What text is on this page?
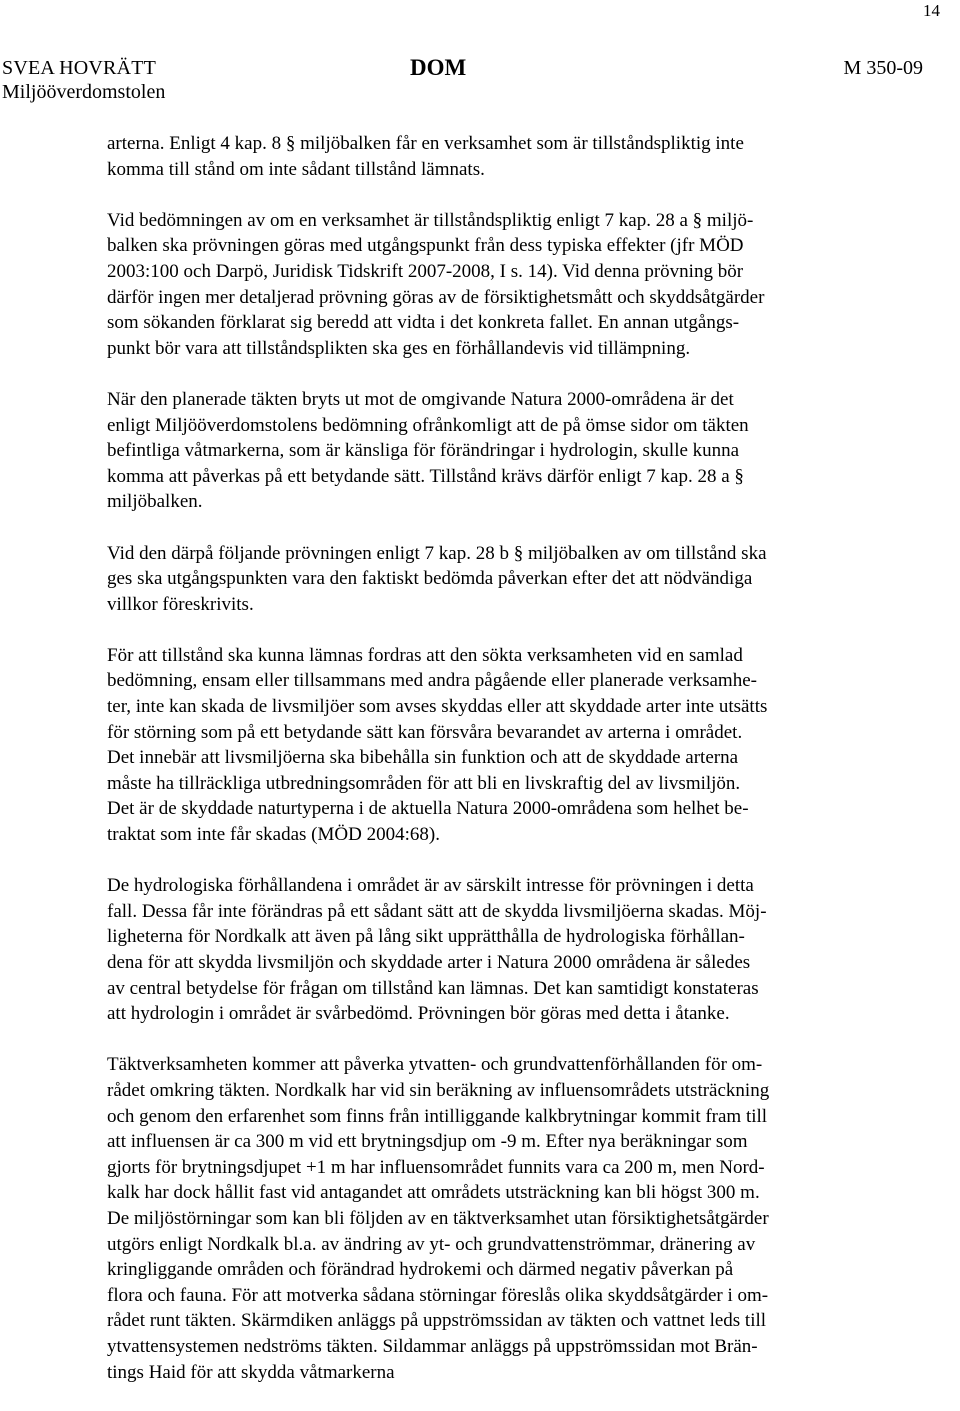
14
SVEA HOVRÄTT
Miljööverdomstolen
DOM	M 350-09
arterna. Enligt 4 kap. 8 § miljöbalken får en verksamhet som är tillståndspliktig inte
komma till stånd om inte sådant tillstånd lämnats.
Vid bedömningen av om en verksamhet är tillståndspliktig enligt 7 kap. 28 a § miljö-
balken ska prövningen göras med utgångspunkt från dess typiska effekter (jfr MÖD
2003:100 och Darpö, Juridisk Tidskrift 2007-2008, I s. 14). Vid denna prövning bör
därför ingen mer detaljerad prövning göras av de försiktighetsmått och skyddsåtgärder
som sökanden förklarat sig beredd att vidta i det konkreta fallet. En annan utgångs-
punkt bör vara att tillståndsplikten ska ges en förhållandevis vid tillämpning.
När den planerade täkten bryts ut mot de omgivande Natura 2000-områdena är det
enligt Miljööverdomstolens bedömning ofrånkomligt att de på ömse sidor om täkten
befintliga våtmarkerna, som är känsliga för förändringar i hydrologin, skulle kunna
komma att påverkas på ett betydande sätt. Tillstånd krävs därför enligt 7 kap. 28 a §
miljöbalken.
Vid den därpå följande prövningen enligt 7 kap. 28 b § miljöbalken av om tillstånd ska
ges ska utgångspunkten vara den faktiskt bedömda påverkan efter det att nödvändiga
villkor föreskrivits.
För att tillstånd ska kunna lämnas fordras att den sökta verksamheten vid en samlad
bedömning, ensam eller tillsammans med andra pågående eller planerade verksamhe-
ter, inte kan skada de livsmiljöer som avses skyddas eller att skyddade arter inte utsätts
för störning som på ett betydande sätt kan försvåra bevarandet av arterna i området.
Det innebär att livsmiljöerna ska bibehålla sin funktion och att de skyddade arterna
måste ha tillräckliga utbredningsområden för att bli en livskraftig del av livsmiljön.
Det är de skyddade naturtyperna i de aktuella Natura 2000-områdena som helhet be-
traktat som inte får skadas (MÖD 2004:68).
De hydrologiska förhållandena i området är av särskilt intresse för prövningen i detta
fall. Dessa får inte förändras på ett sådant sätt att de skydda livsmiljöerna skadas. Möj-
ligheterna för Nordkalk att även på lång sikt upprätthålla de hydrologiska förhållan-
dena för att skydda livsmiljön och skyddade arter i Natura 2000 områdena är således
av central betydelse för frågan om tillstånd kan lämnas. Det kan samtidigt konstateras
att hydrologin i området är svårbedömd. Prövningen bör göras med detta i åtanke.
Täktverksamheten kommer att påverka ytvatten- och grundvattenförhållanden för om-
rådet omkring täkten. Nordkalk har vid sin beräkning av influensområdets utsträckning
och genom den erfarenhet som finns från intilliggande kalkbrytningar kommit fram till
att influensen är ca 300 m vid ett brytningsdjup om -9 m. Efter nya beräkningar som
gjorts för brytningsdjupet +1 m har influensområdet funnits vara ca 200 m, men Nord-
kalk har dock hållit fast vid antagandet att områdets utsträckning kan bli högst 300 m.
De miljöstörningar som kan bli följden av en täktverksamhet utan försiktighetsåtgärder
utgörs enligt Nordkalk bl.a. av ändring av yt- och grundvattenströmmar, dränering av
kringliggande områden och förändrad hydrokemi och därmed negativ påverkan på
flora och fauna. För att motverka sådana störningar föreslås olika skyddsåtgärder i om-
rådet runt täkten. Skärmdiken anläggs på uppströmssidan av täkten och vattnet leds till
ytvattensystemen nedströms täkten. Sildammar anläggs på uppströmssidan mot Brän-
tings Haid för att skydda våtmarkerna
